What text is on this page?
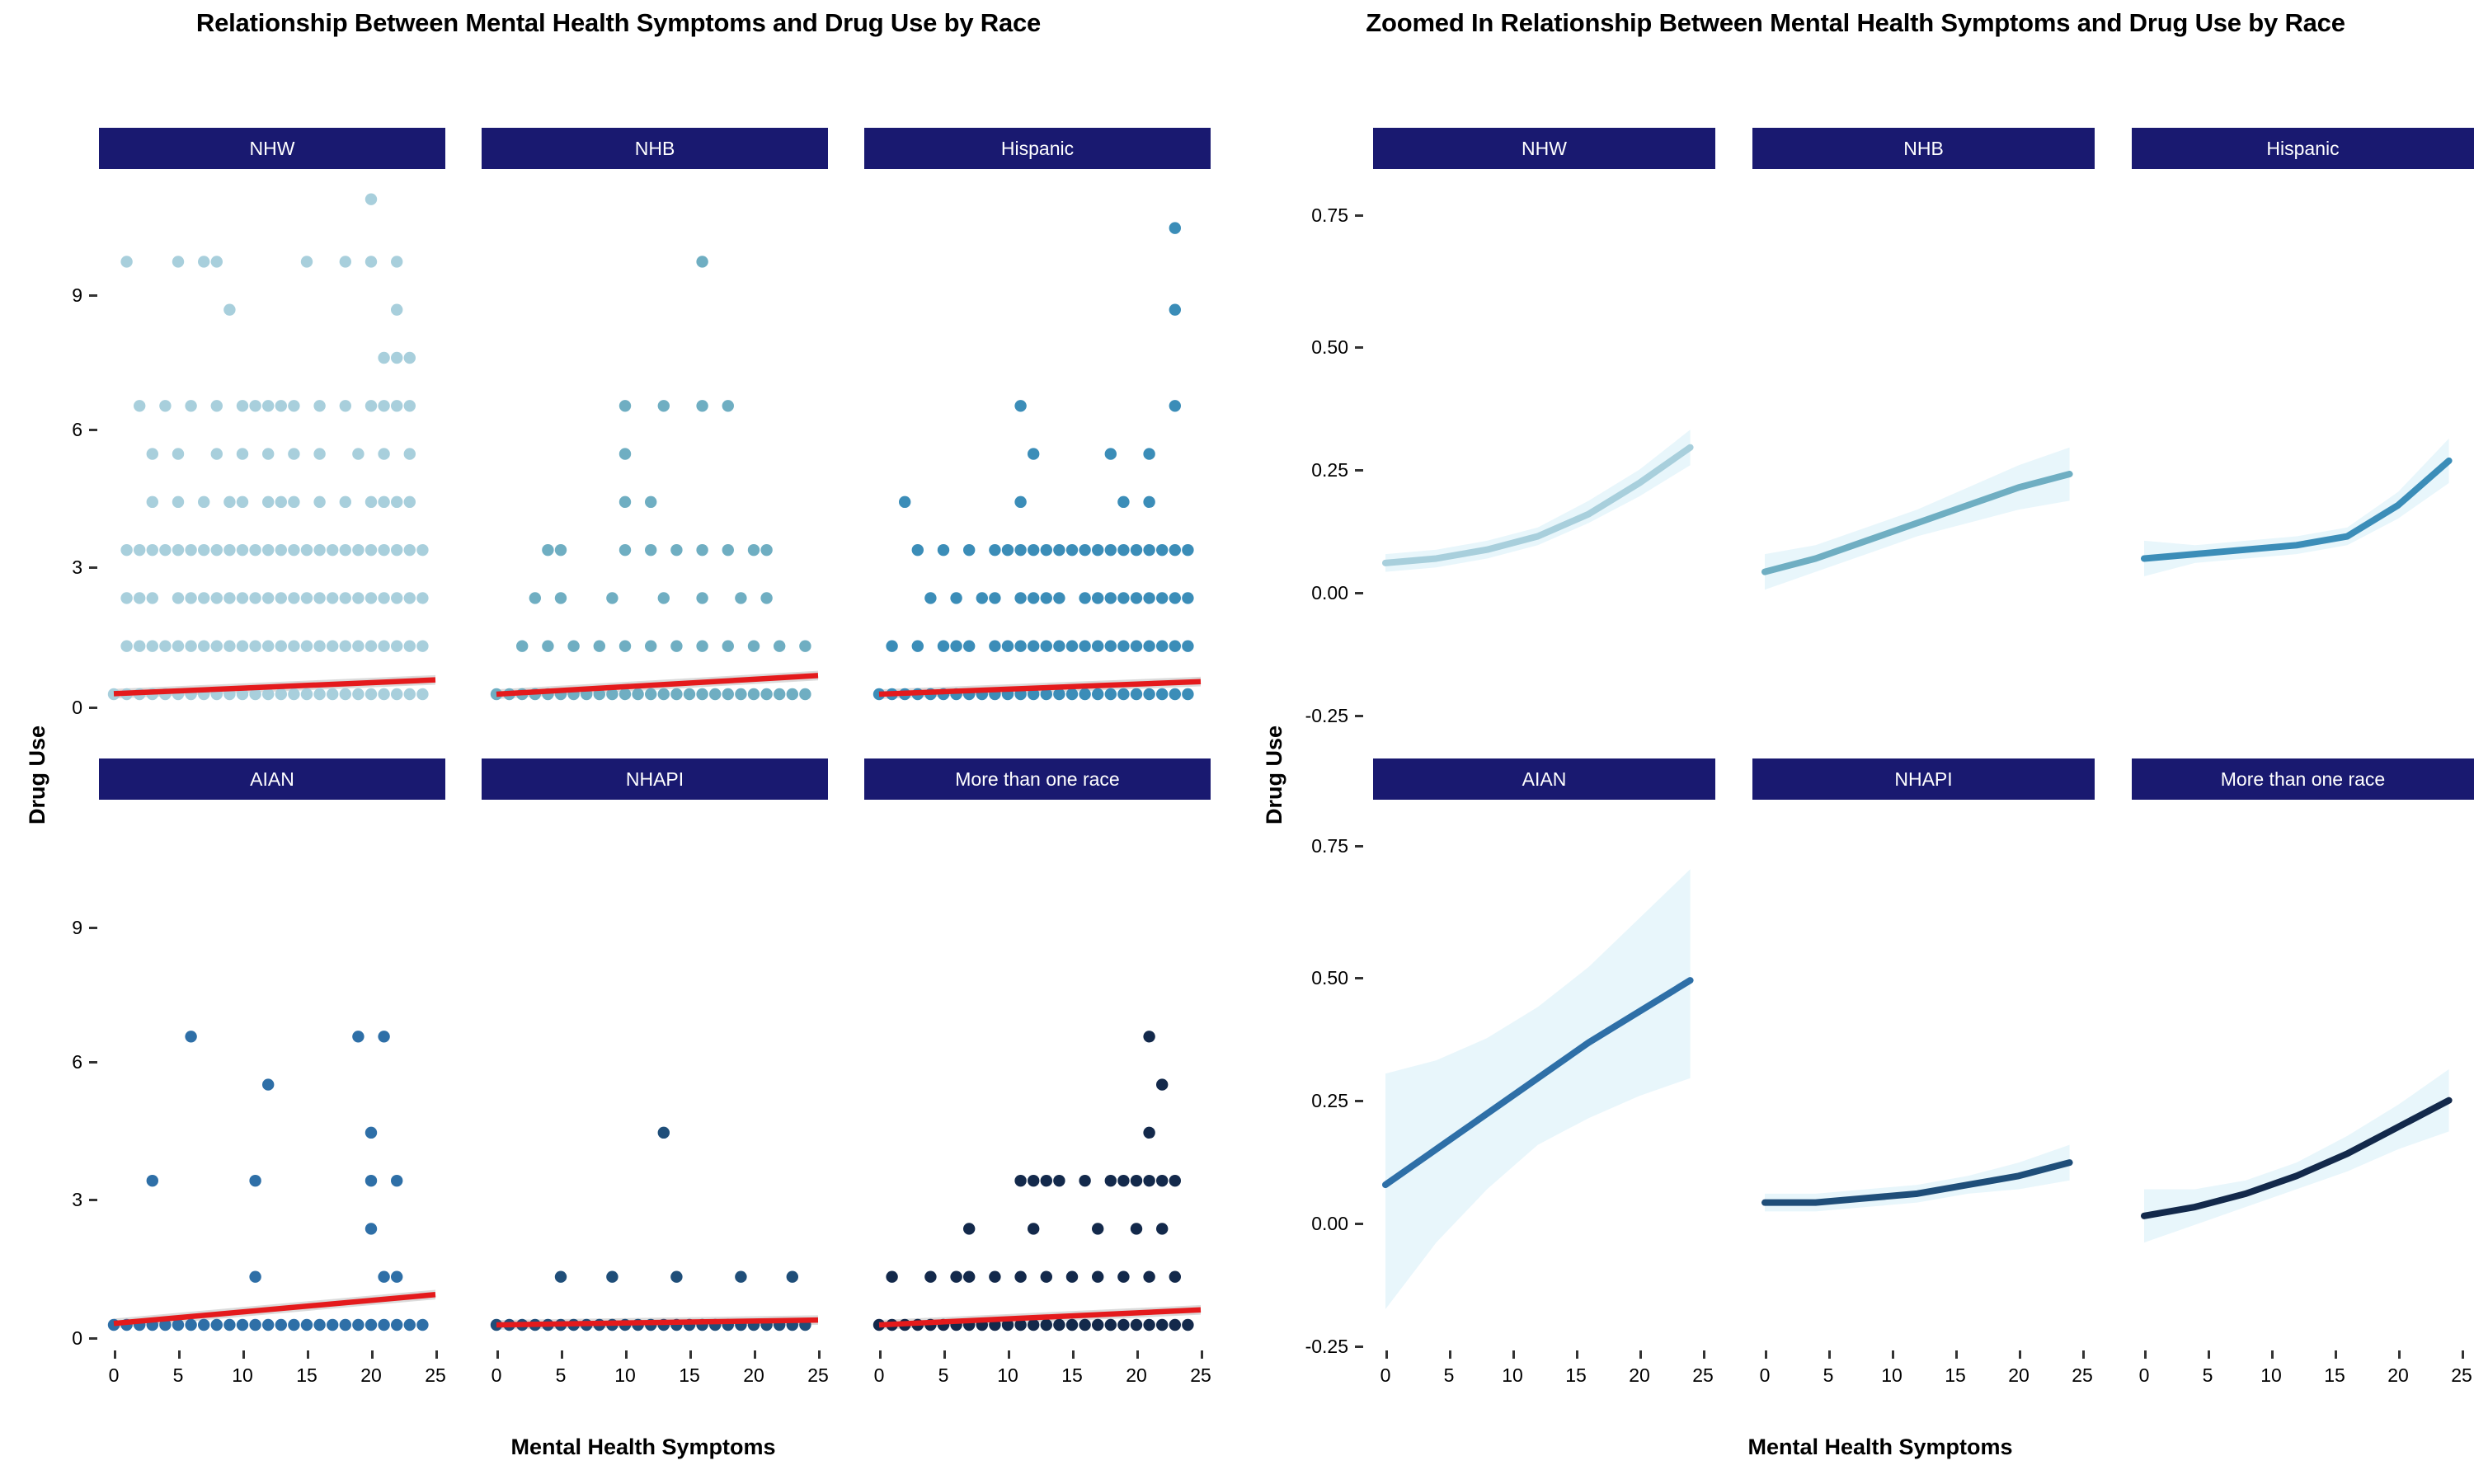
Relationship Between Mental Health Symptoms and Drug Use by Race
Drug Use
Mental Health Symptoms
0
3
6
9
0
3
6
9
NHW	NHB	Hispanic
AIAN	NHAPI	More than one race
0	5	10	15	20	25	0	5	10	15	20	25	0	5	10	15	20	25
Zoomed In Relationship Between Mental Health Symptoms and Drug Use by Race
Drug Use
Mental Health Symptoms
-0.25
0.00
0.25
0.50
0.75
-0.25
0.00
0.25
0.50
0.75
NHW	NHB	Hispanic
AIAN	NHAPI	More than one race
0	5	10	15	20	25	0	5	10	15	20	25	0	5	10	15	20	25
